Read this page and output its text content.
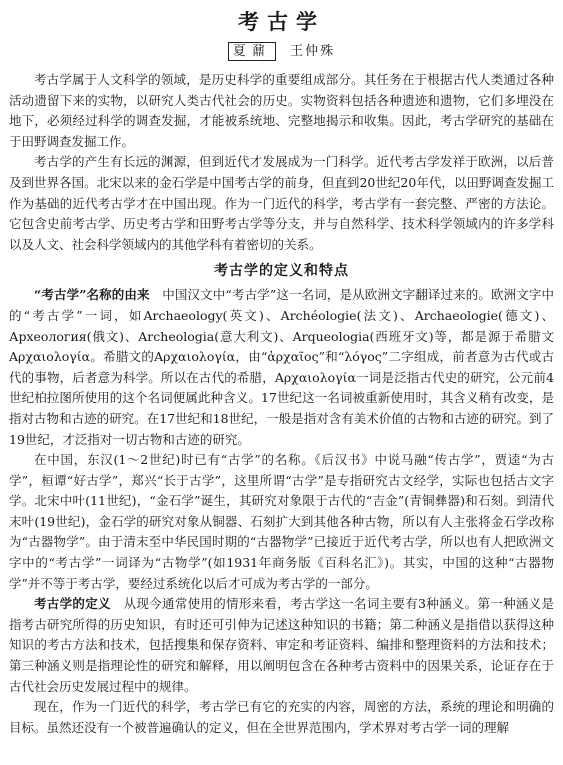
考古学
夏鼐 王仲殊

考古学属于人文科学的领域，是历史科学的重要组成部分。其任务在于根据古代人类通过各种活动遗留下来的实物，以研究人类古代社会的历史。实物资料包括各种遗迹和遗物，它们多埋没在地下，必须经过科学的调查发掘，才能被系统地、完整地揭示和收集。因此，考古学研究的基础在于田野调查发掘工作。

考古学的产生有长远的渊源，但到近代才发展成为一门科学。近代考古学发祥于欧洲，以后普及到世界各国。北宋以来的金石学是中国考古学的前身，但直到20世纪20年代，以田野调查发掘工作为基础的近代考古学才在中国出现。作为一门近代的科学，考古学有一套完整、严密的方法论。它包含史前考古学、历史考古学和田野考古学等分支，并与自然科学、技术科学领域内的许多学科以及人文、社会科学领域内的其他学科有着密切的关系。

考古学的定义和特点

“考古学”名称的由来　 中国汉文中“考古学”这一名词，是从欧洲文字翻译过来的。欧洲文字中的“考古学”一词，如Archaeology(英文)、Archéologie(法文)、Archaeologie(德文)、Археология(俄文)、Archeologia(意大利文)、Arqueologia(西班牙文)等，都是源于希腊文Αρχαιολογία。希腊文的Αρχαιολογία，由“ἀρχαῖος”和“λόγος”二字组成，前者意为古代或古代的事物，后者意为科学。所以在古代的希腊，Αρχαιολογία一词是泛指古代史的研究，公元前4世纪柏拉图所使用的这个名词便属此种含义。17世纪这一名词被重新使用时，其含义稍有改变，是指对古物和古迹的研究。在17世纪和18世纪，一般是指对含有美术价值的古物和古迹的研究。到了19世纪，才泛指对一切古物和古迹的研究。

在中国，东汉(1～2世纪)时已有“古学”的名称。《后汉书》中说马融“传古学”，贾逵“为古学”，桓谭“好古学”，郑兴“长于古学”，这里所谓“古学”是专指研究古文经学，实际也包括古文字学。北宋中叶(11世纪)，“金石学”诞生，其研究对象限于古代的“吉金”(青铜彝器)和石刻。到清代末叶(19世纪)，金石学的研究对象从铜器、石刻扩大到其他各种古物，所以有人主张将金石学改称为“古器物学”。由于清末至中华民国时期的“古器物学”已接近于近代考古学，所以也有人把欧洲文字中的“考古学”一词译为“古物学”(如1931年商务版《百科名汇》)。其实，中国的这种“古器物学”并不等于考古学，要经过系统化以后才可成为考古学的一部分。

考古学的定义　 从现今通常使用的情形来看，考古学这一名词主要有3种涵义。第一种涵义是指考古研究所得的历史知识，有时还可引伸为记述这种知识的书籍；第二种涵义是指借以获得这种知识的考古方法和技术，包括搜集和保存资料、审定和考证资料、编排和整理资料的方法和技术；第三种涵义则是指理论性的研究和解释，用以阐明包含在各种考古资料中的因果关系，论证存在于古代社会历史发展过程中的规律。

现在，作为一门近代的科学，考古学已有它的充实的内容，周密的方法，系统的理论和明确的目标。虽然还没有一个被普遍确认的定义，但在全世界范围内，学术界对考古学一词的理解
